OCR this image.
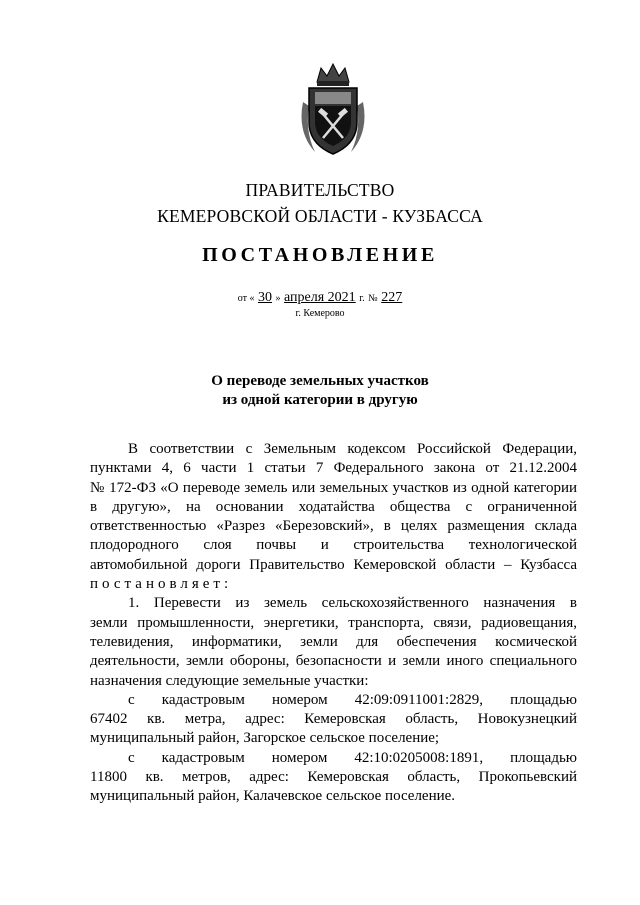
ПРАВИТЕЛЬСТВО
КЕМЕРОВСКОЙ ОБЛАСТИ - КУЗБАССА
ПОСТАНОВЛЕНИЕ
от « 30 » апреля 2021 г. № 227
г. Кемерово
О переводе земельных участков
из одной категории в другую
В соответствии с Земельным кодексом Российской Федерации,
пунктами 4, 6 части 1 статьи 7 Федерального закона от 21.12.2004
№ 172-ФЗ «О переводе земель или земельных участков из одной категории
в другую», на основании ходатайства общества с ограниченной
ответственностью «Разрез «Березовский», в целях размещения склада
плодородного слоя почвы и строительства технологической
автомобильной дороги Правительство Кемеровской области – Кузбасса
постановляет:
1. Перевести из земель сельскохозяйственного назначения в
земли промышленности, энергетики, транспорта, связи, радиовещания,
телевидения, информатики, земли для обеспечения космической
деятельности, земли обороны, безопасности и земли иного специального
назначения следующие земельные участки:
с кадастровым номером 42:09:0911001:2829, площадью
67402 кв. метра, адрес: Кемеровская область, Новокузнецкий
муниципальный район, Загорское сельское поселение;
с кадастровым номером 42:10:0205008:1891, площадью
11800 кв. метров, адрес: Кемеровская область, Прокопьевский
муниципальный район, Калачевское сельское поселение.
